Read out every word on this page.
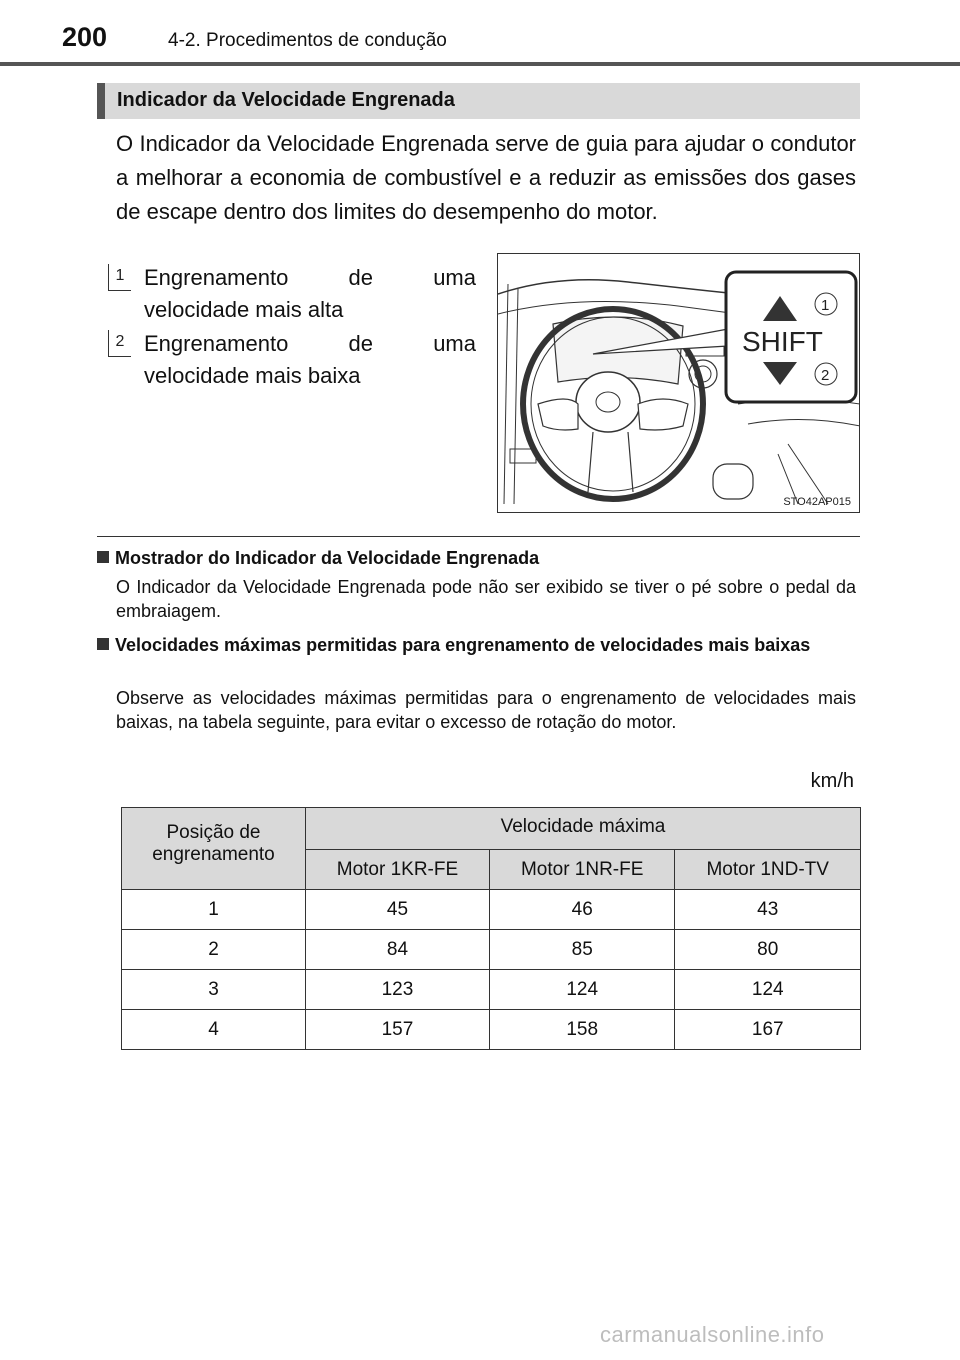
200	4-2. Procedimentos de condução
Indicador da Velocidade Engrenada
O Indicador da Velocidade Engrenada serve de guia para ajudar o condutor a melhorar a economia de combustível e a reduzir as emissões dos gases de escape dentro dos limites do desempenho do motor.
1 Engrenamento de uma velocidade mais alta
2 Engrenamento de uma velocidade mais baixa
SHIFT
1
2
STO42AP015
Mostrador do Indicador da Velocidade Engrenada
O Indicador da Velocidade Engrenada pode não ser exibido se tiver o pé sobre o pedal da embraiagem.
Velocidades máximas permitidas para engrenamento de velocidades mais baixas
Observe as velocidades máximas permitidas para o engrenamento de velocidades mais baixas, na tabela seguinte, para evitar o excesso de rotação do motor.
km/h
Posição de engrenamento	Velocidade máxima		
	Motor 1KR-FE	Motor 1NR-FE	Motor 1ND-TV
1	45	46	43
2	84	85	80
3	123	124	124
4	157	158	167
carmanualsonline.info
